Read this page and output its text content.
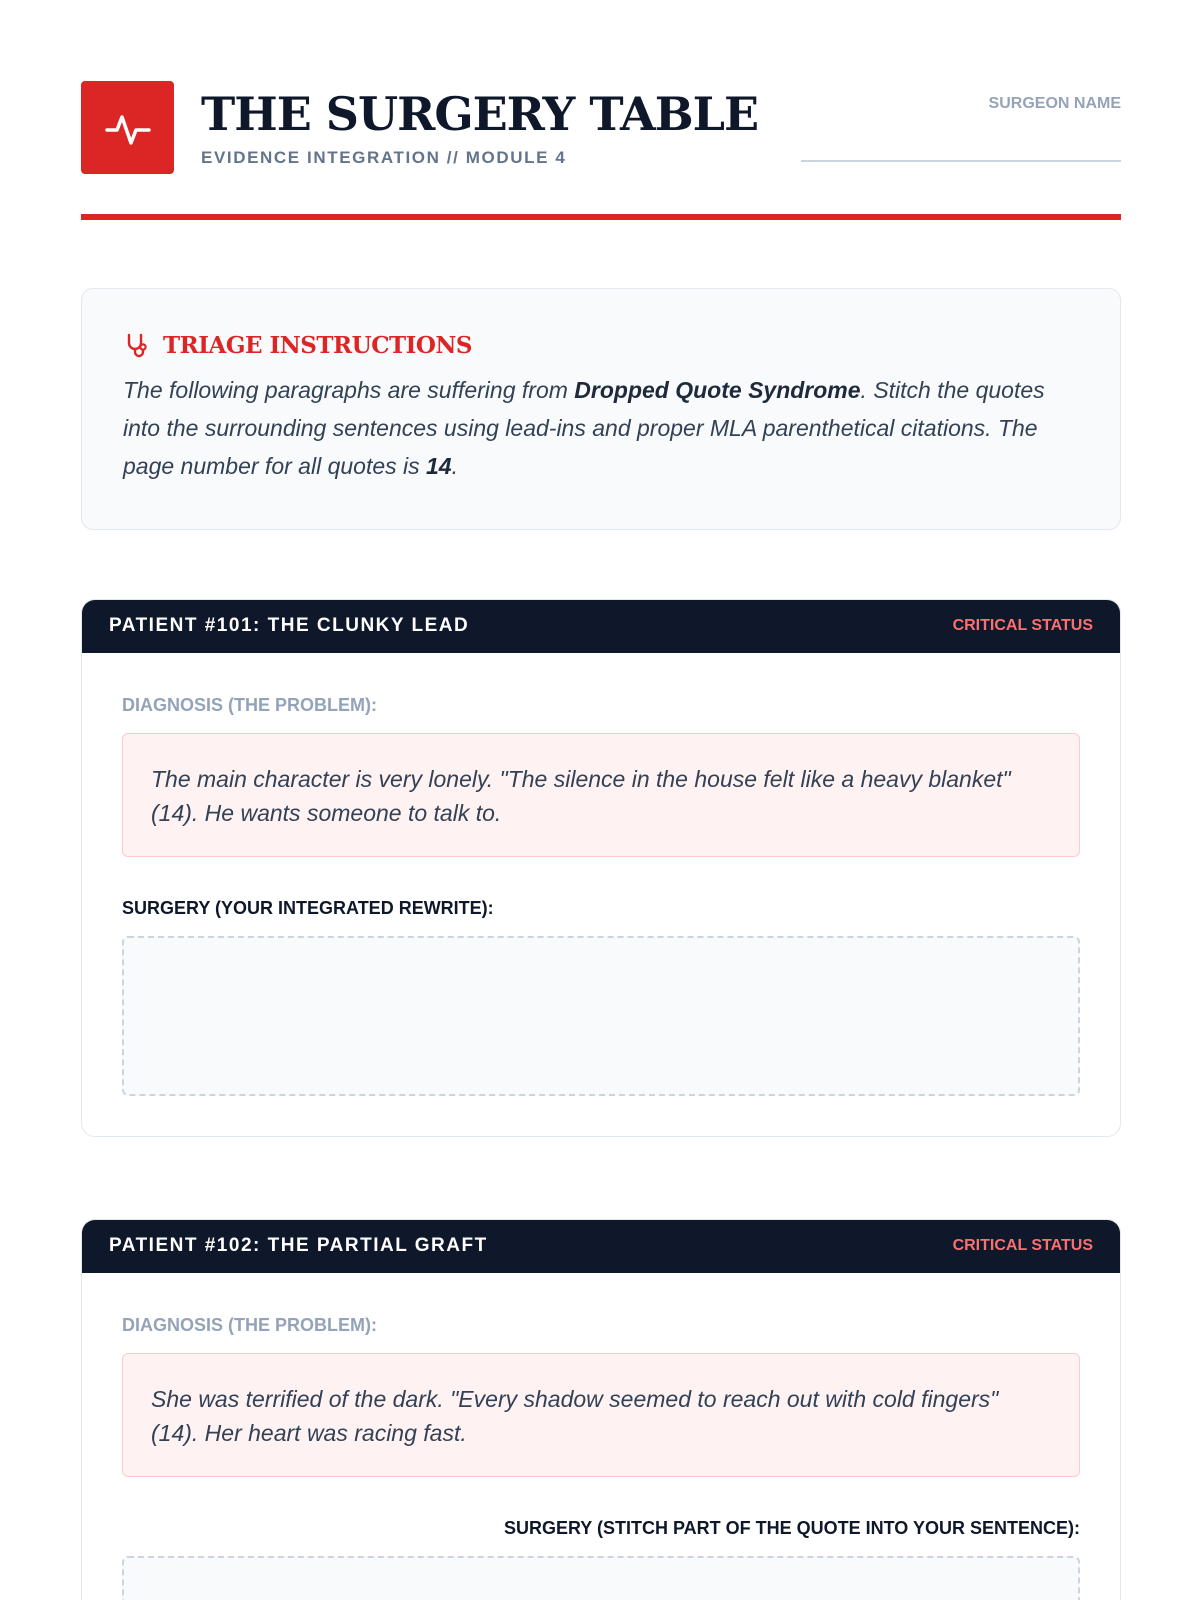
THE SURGERY TABLE
EVIDENCE INTEGRATION // MODULE 4
SURGEON NAME
TRIAGE INSTRUCTIONS

The following paragraphs are suffering from Dropped Quote Syndrome. Stitch the quotes into the surrounding sentences using lead-ins and proper MLA parenthetical citations. The page number for all quotes is 14.

PATIENT #101: THE CLUNKY LEAD	CRITICAL STATUS
DIAGNOSIS (THE PROBLEM):
The main character is very lonely. "The silence in the house felt like a heavy blanket" (14). He wants someone to talk to.
SURGERY (YOUR INTEGRATED REWRITE):
PATIENT #102: THE PARTIAL GRAFT	CRITICAL STATUS
DIAGNOSIS (THE PROBLEM):
She was terrified of the dark. "Every shadow seemed to reach out with cold fingers" (14). Her heart was racing fast.
SURGERY (STITCH PART OF THE QUOTE INTO YOUR SENTENCE):
